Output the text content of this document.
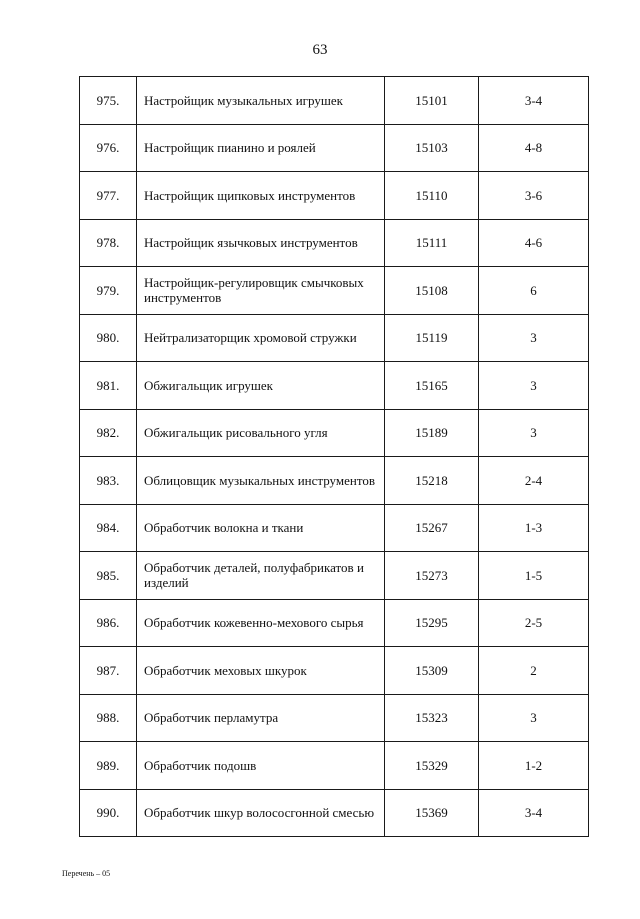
63
975.	Настройщик музыкальных игрушек	15101	3-4
976.	Настройщик пианино и роялей	15103	4-8
977.	Настройщик щипковых инструментов	15110	3-6
978.	Настройщик язычковых инструментов	15111	4-6
979.	Настройщик-регулировщик смычковых инструментов	15108	6
980.	Нейтрализаторщик хромовой стружки	15119	3
981.	Обжигальщик игрушек	15165	3
982.	Обжигальщик рисовального угля	15189	3
983.	Облицовщик музыкальных инструментов	15218	2-4
984.	Обработчик волокна и ткани	15267	1-3
985.	Обработчик деталей, полуфабрикатов и изделий	15273	1-5
986.	Обработчик кожевенно-мехового сырья	15295	2-5
987.	Обработчик меховых шкурок	15309	2
988.	Обработчик перламутра	15323	3
989.	Обработчик подошв	15329	1-2
990.	Обработчик шкур волососгонной смесью	15369	3-4
Перечень – 05
